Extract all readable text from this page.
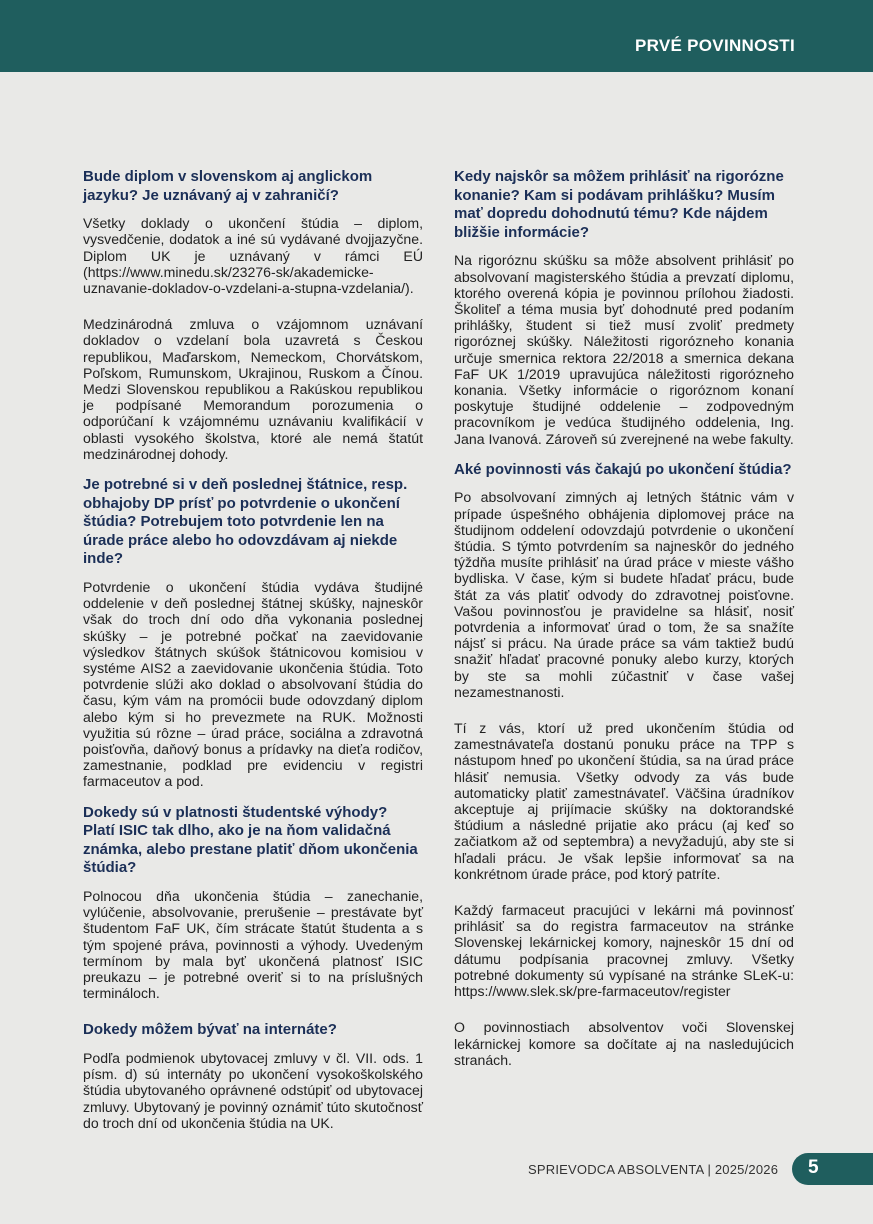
PRVÉ POVINNOSTI
Bude diplom v slovenskom aj anglickom jazyku? Je uznávaný aj v zahraničí?

Všetky doklady o ukončení štúdia – diplom, vysvedčenie, dodatok a iné sú vydávané dvojjazyčne. Diplom UK je uznávaný v rámci EÚ (https://www.minedu.sk/23276-sk/akademicke-uznavanie-dokladov-o-vzdelani-a-stupna-vzdelania/).

Medzinárodná zmluva o vzájomnom uznávaní dokladov o vzdelaní bola uzavretá s Českou republikou, Maďarskom, Nemeckom, Chorvátskom, Poľskom, Rumunskom, Ukrajinou, Ruskom a Čínou. Medzi Slovenskou republikou a Rakúskou republikou je podpísané Memorandum porozumenia o odporúčaní k vzájomnému uznávaniu kvalifikácií v oblasti vysokého školstva, ktoré ale nemá štatút medzinárodnej dohody.

Je potrebné si v deň poslednej štátnice, resp. obhajoby DP prísť po potvrdenie o ukončení štúdia? Potrebujem toto potvrdenie len na úrade práce alebo ho odovzdávam aj niekde inde?

Potvrdenie o ukončení štúdia vydáva študijné oddelenie v deň poslednej štátnej skúšky, najneskôr však do troch dní odo dňa vykonania poslednej skúšky – je potrebné počkať na zaevidovanie výsledkov štátnych skúšok štátnicovou komisiou v systéme AIS2 a zaevidovanie ukončenia štúdia. Toto potvrdenie slúži ako doklad o absolvovaní štúdia do času, kým vám na promócii bude odovzdaný diplom alebo kým si ho prevezmete na RUK. Možnosti využitia sú rôzne – úrad práce, sociálna a zdravotná poisťovňa, daňový bonus a prídavky na dieťa rodičov, zamestnanie, podklad pre evidenciu v registri farmaceutov a pod.

Dokedy sú v platnosti študentské výhody? Platí ISIC tak dlho, ako je na ňom validačná známka, alebo prestane platiť dňom ukončenia štúdia?

Polnocou dňa ukončenia štúdia – zanechanie, vylúčenie, absolvovanie, prerušenie – prestávate byť študentom FaF UK, čím strácate štatút študenta a s tým spojené práva, povinnosti a výhody. Uvedeným termínom by mala byť ukončená platnosť ISIC preukazu – je potrebné overiť si to na príslušných termináloch.

Dokedy môžem bývať na internáte?

Podľa podmienok ubytovacej zmluvy v čl. VII. ods. 1 písm. d) sú internáty po ukončení vysokoškolského štúdia ubytovaného oprávnené odstúpiť od ubytovacej zmluvy. Ubytovaný je povinný oznámiť túto skutočnosť do troch dní od ukončenia štúdia na UK.

Kedy najskôr sa môžem prihlásiť na rigorózne konanie? Kam si podávam prihlášku? Musím mať dopredu dohodnutú tému? Kde nájdem bližšie informácie?

Na rigoróznu skúšku sa môže absolvent prihlásiť po absolvovaní magisterského štúdia a prevzatí diplomu, ktorého overená kópia je povinnou prílohou žiadosti. Školiteľ a téma musia byť dohodnuté pred podaním prihlášky, študent si tiež musí zvoliť predmety rigoróznej skúšky. Náležitosti rigorózneho konania určuje smernica rektora 22/2018 a smernica dekana FaF UK 1/2019 upravujúca náležitosti rigorózneho konania. Všetky informácie o rigoróznom konaní poskytuje študijné oddelenie – zodpovedným pracovníkom je vedúca študijného oddelenia, Ing. Jana Ivanová. Zároveň sú zverejnené na webe fakulty.

Aké povinnosti vás čakajú po ukončení štúdia?

Po absolvovaní zimných aj letných štátnic vám v prípade úspešného obhájenia diplomovej práce na študijnom oddelení odovzdajú potvrdenie o ukončení štúdia. S týmto potvrdením sa najneskôr do jedného týždňa musíte prihlásiť na úrad práce v mieste vášho bydliska. V čase, kým si budete hľadať prácu, bude štát za vás platiť odvody do zdravotnej poisťovne. Vašou povinnosťou je pravidelne sa hlásiť, nosiť potvrdenia a informovať úrad o tom, že sa snažíte nájsť si prácu. Na úrade práce sa vám taktiež budú snažiť hľadať pracovné ponuky alebo kurzy, ktorých by ste sa mohli zúčastniť v čase vašej nezamestnanosti.

Tí z vás, ktorí už pred ukončením štúdia od zamestnávateľa dostanú ponuku práce na TPP s nástupom hneď po ukončení štúdia, sa na úrad práce hlásiť nemusia. Všetky odvody za vás bude automaticky platiť zamestnávateľ. Väčšina úradníkov akceptuje aj prijímacie skúšky na doktorandské štúdium a následné prijatie ako prácu (aj keď so začiatkom až od septembra) a nevyžadujú, aby ste si hľadali prácu. Je však lepšie informovať sa na konkrétnom úrade práce, pod ktorý patríte.

Každý farmaceut pracujúci v lekárni má povinnosť prihlásiť sa do registra farmaceutov na stránke Slovenskej lekárnickej komory, najneskôr 15 dní od dátumu podpísania pracovnej zmluvy. Všetky potrebné dokumenty sú vypísané na stránke SLeK-u: https://www.slek.sk/pre-farmaceutov/register

O povinnostiach absolventov voči Slovenskej lekárnickej komore sa dočítate aj na nasledujúcich stranách.

SPRIEVODCA ABSOLVENTA | 2025/2026 5
